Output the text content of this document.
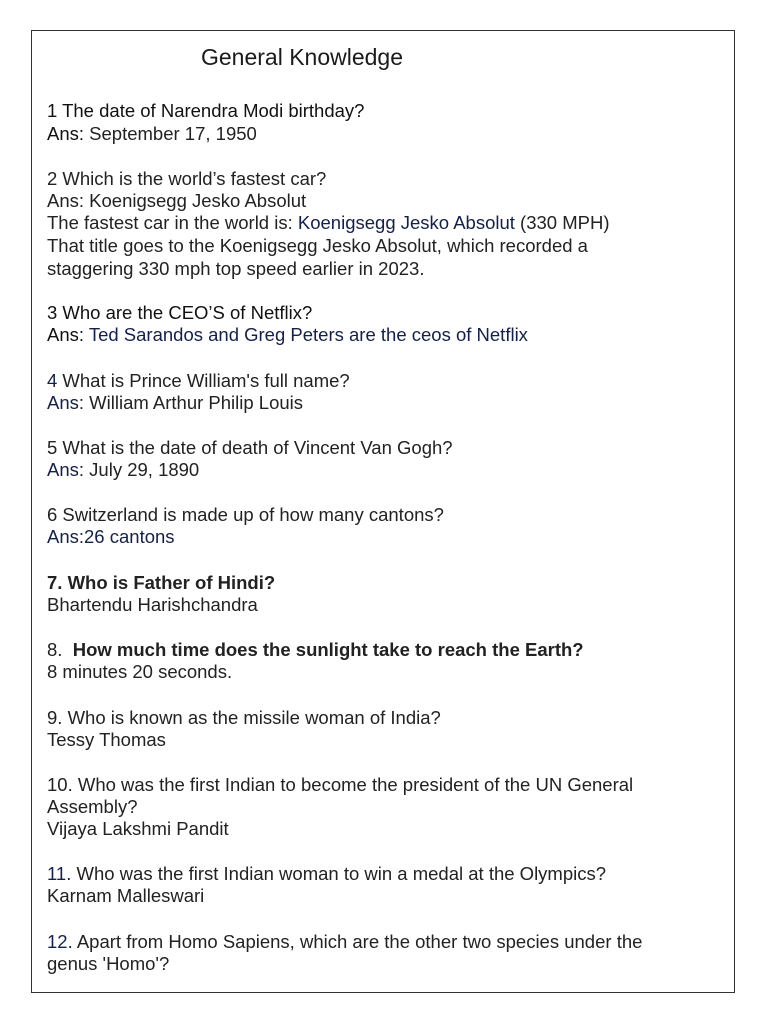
General Knowledge
1 The date of Narendra Modi birthday?
Ans: September 17, 1950
2 Which is the world’s fastest car?
Ans: Koenigsegg Jesko Absolut
The fastest car in the world is: Koenigsegg Jesko Absolut (330 MPH)
That title goes to the Koenigsegg Jesko Absolut, which recorded a
staggering 330 mph top speed earlier in 2023.
3 Who are the CEO’S of Netflix?
Ans: Ted Sarandos and Greg Peters are the ceos of Netflix
4 What is Prince William's full name?
Ans: William Arthur Philip Louis
5 What is the date of death of Vincent Van Gogh?
Ans: July 29, 1890
6 Switzerland is made up of how many cantons?
Ans:26 cantons
7. Who is Father of Hindi?
Bhartendu Harishchandra
8. How much time does the sunlight take to reach the Earth?
8 minutes 20 seconds.
9. Who is known as the missile woman of India?
Tessy Thomas
10. Who was the first Indian to become the president of the UN General
Assembly?
Vijaya Lakshmi Pandit
11. Who was the first Indian woman to win a medal at the Olympics?
Karnam Malleswari
12. Apart from Homo Sapiens, which are the other two species under the
genus 'Homo'?
